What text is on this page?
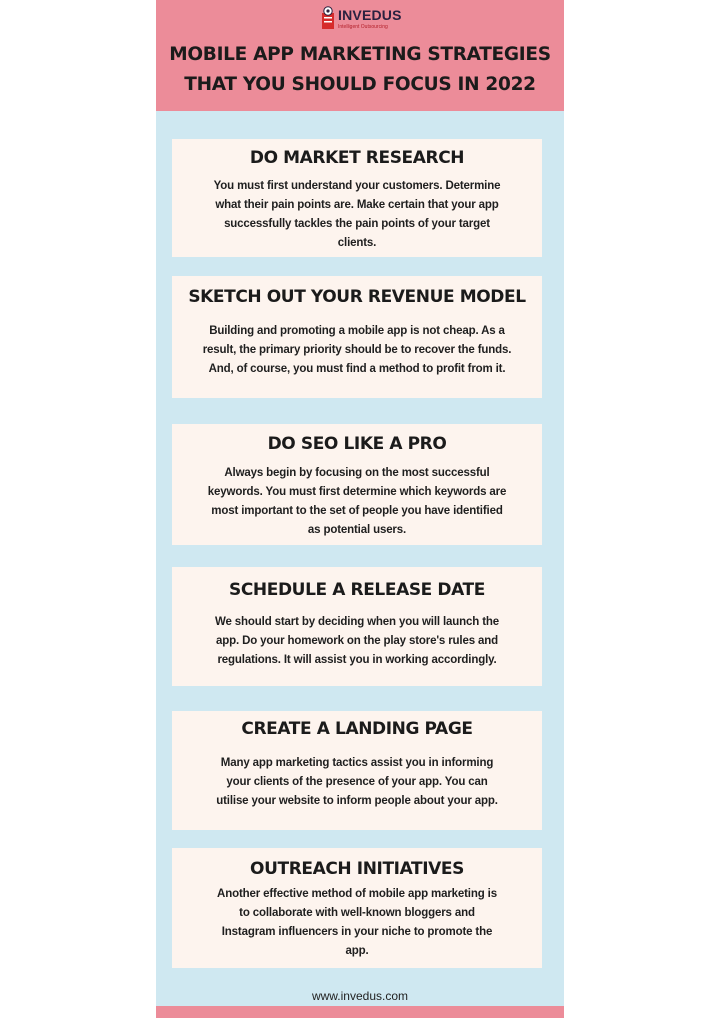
INVEDUS
Intelligent Outsourcing
MOBILE APP MARKETING STRATEGIES
THAT YOU SHOULD FOCUS IN 2022
DO MARKET RESEARCH
You must first understand your customers. Determine
what their pain points are. Make certain that your app
successfully tackles the pain points of your target
clients.
SKETCH OUT YOUR REVENUE MODEL
Building and promoting a mobile app is not cheap. As a
result, the primary priority should be to recover the funds.
And, of course, you must find a method to profit from it.
DO SEO LIKE A PRO
Always begin by focusing on the most successful
keywords. You must first determine which keywords are
most important to the set of people you have identified
as potential users.
SCHEDULE A RELEASE DATE
We should start by deciding when you will launch the
app. Do your homework on the play store's rules and
regulations. It will assist you in working accordingly.
CREATE A LANDING PAGE
Many app marketing tactics assist you in informing
your clients of the presence of your app. You can
utilise your website to inform people about your app.
OUTREACH INITIATIVES
Another effective method of mobile app marketing is
to collaborate with well-known bloggers and
Instagram influencers in your niche to promote the
app.
www.invedus.com
